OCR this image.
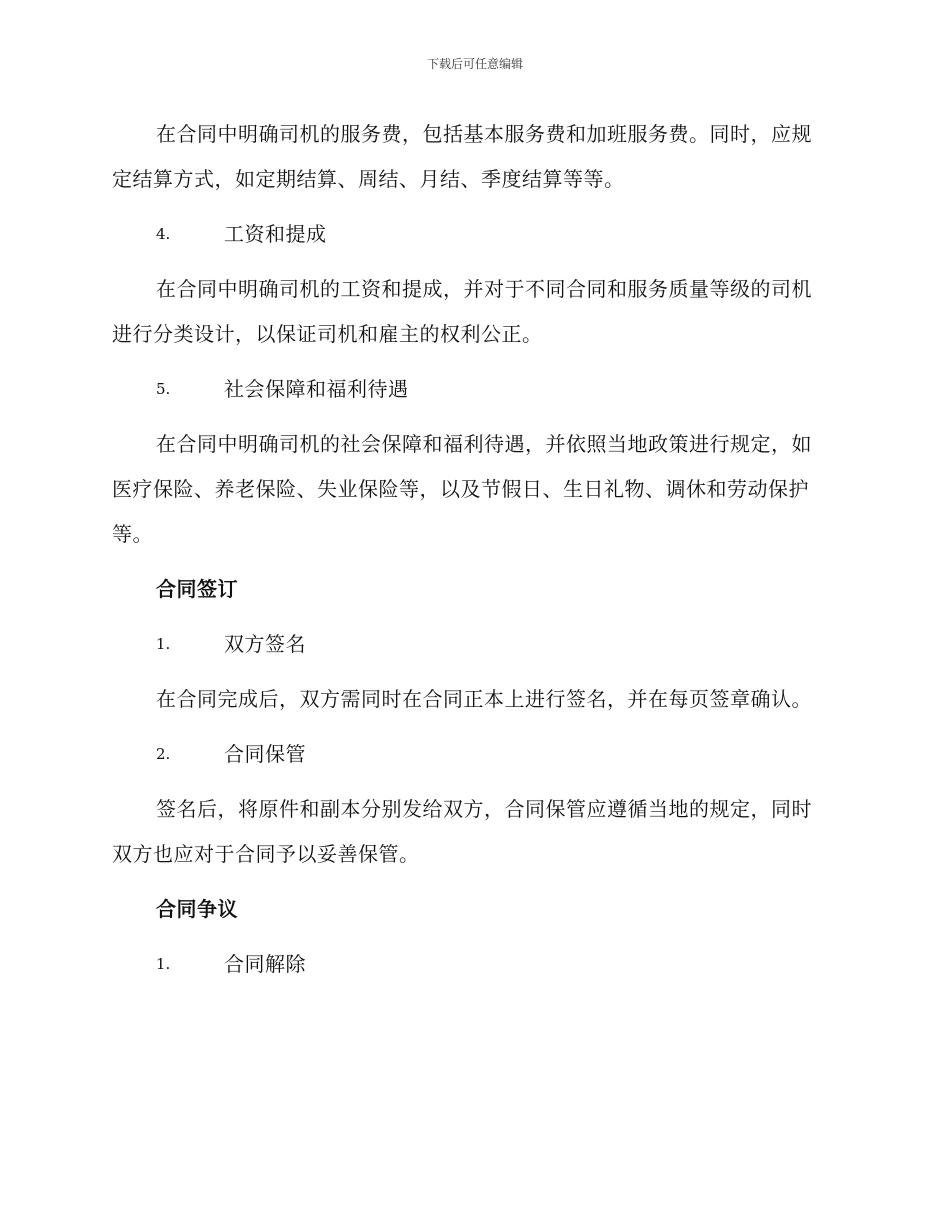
下载后可任意编辑

在合同中明确司机的服务费，包括基本服务费和加班服务费。同时，应规定结算方式，如定期结算、周结、月结、季度结算等等。

4.	工资和提成

在合同中明确司机的工资和提成，并对于不同合同和服务质量等级的司机进行分类设计，以保证司机和雇主的权利公正。

5.	社会保障和福利待遇

在合同中明确司机的社会保障和福利待遇，并依照当地政策进行规定，如医疗保险、养老保险、失业保险等，以及节假日、生日礼物、调休和劳动保护等。

合同签订
1.	双方签名

在合同完成后，双方需同时在合同正本上进行签名，并在每页签章确认。

2.	合同保管

签名后，将原件和副本分别发给双方，合同保管应遵循当地的规定，同时双方也应对于合同予以妥善保管。

合同争议
1.	合同解除
